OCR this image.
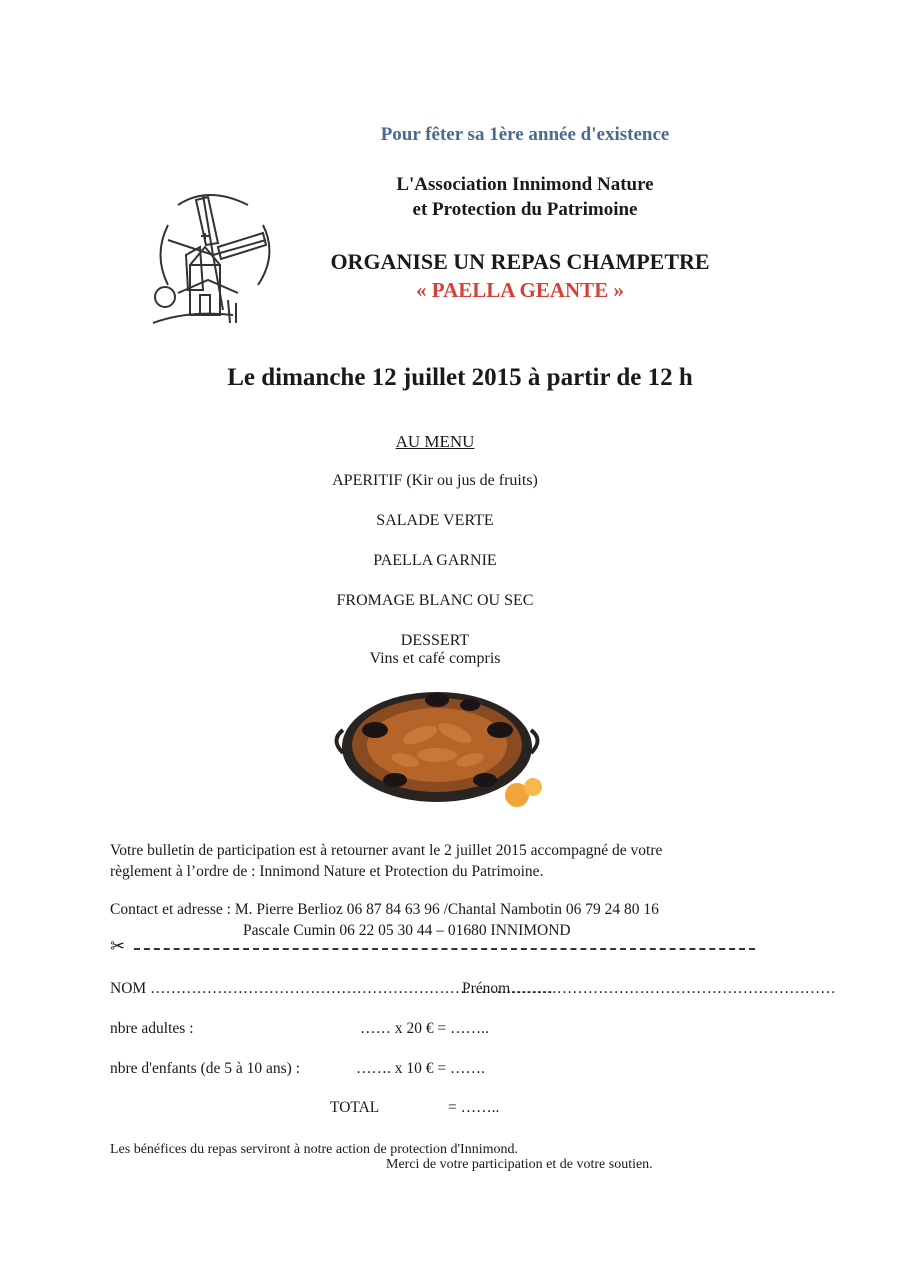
Pour fêter sa 1ère année d'existence
L'Association Innimond Nature
et Protection du Patrimoine
ORGANISE UN REPAS CHAMPETRE
« PAELLA GEANTE »
Le dimanche 12 juillet 2015 à partir de 12 h
AU MENU
APERITIF (Kir ou jus de fruits)
SALADE VERTE
PAELLA GARNIE
FROMAGE BLANC OU SEC
DESSERT
Vins et café compris
Votre bulletin de participation est à retourner avant le 2 juillet 2015 accompagné de votre
règlement à l’ordre de : Innimond Nature et Protection du Patrimoine.
Contact et adresse : M. Pierre Berlioz 06 87 84 63 96 /Chantal Nambotin 06 79 24 80 16
Pascale Cumin 06 22 05 30 44 – 01680 INNIMOND
✂
NOM ……………………………………………………………………
Prénom………………………………………………………
nbre adultes :	…… x 20 € = ……..
nbre d'enfants (de 5 à 10 ans) :	……. x 10 € = …….
TOTAL	= ……..
Les bénéfices du repas serviront à notre action de protection d'Innimond.
Merci de votre participation et de votre soutien.
